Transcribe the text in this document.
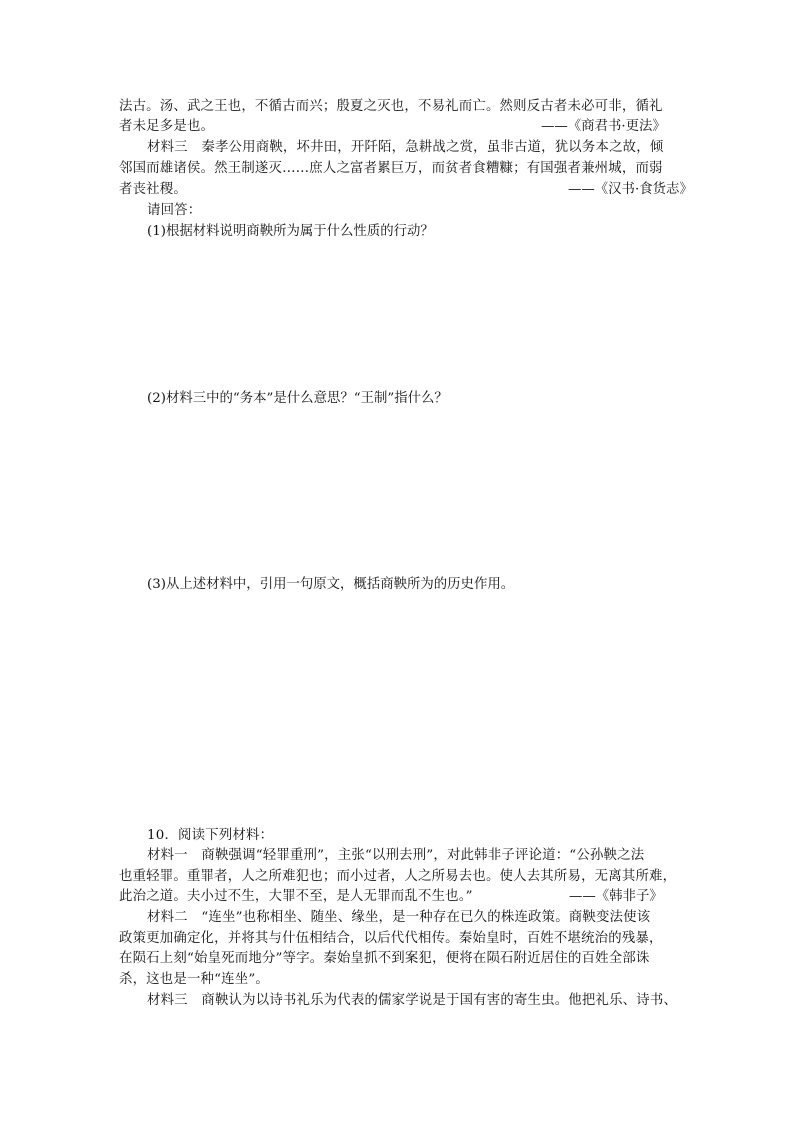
法古。汤、武之王也，不循古而兴；殷夏之灭也，不易礼而亡。然则反古者未必可非，循礼
者未足多是也。	——《商君书·更法》
材料三　秦孝公用商鞅，坏井田，开阡陌，急耕战之赏，虽非古道，犹以务本之故，倾
邻国而雄诸侯。然王制遂灭……庶人之富者累巨万，而贫者食糟糠；有国强者兼州城，而弱
者丧社稷。	——《汉书·食货志》
请回答：
(1)根据材料说明商鞅所为属于什么性质的行动？
(2)材料三中的“务本”是什么意思？“王制”指什么？
(3)从上述材料中，引用一句原文，概括商鞅所为的历史作用。
10．阅读下列材料：
材料一　商鞅强调“轻罪重刑”，主张“以刑去刑”，对此韩非子评论道：“公孙鞅之法
也重轻罪。重罪者，人之所难犯也；而小过者，人之所易去也。使人去其所易，无离其所难，
此治之道。夫小过不生，大罪不至，是人无罪而乱不生也。”	——《韩非子》
材料二　“连坐”也称相坐、随坐、缘坐，是一种存在已久的株连政策。商鞅变法使该
政策更加确定化，并将其与什伍相结合，以后代代相传。秦始皇时，百姓不堪统治的残暴，
在陨石上刻“始皇死而地分”等字。秦始皇抓不到案犯，便将在陨石附近居住的百姓全部诛
杀，这也是一种“连坐”。
材料三　商鞅认为以诗书礼乐为代表的儒家学说是于国有害的寄生虫。他把礼乐、诗书、
